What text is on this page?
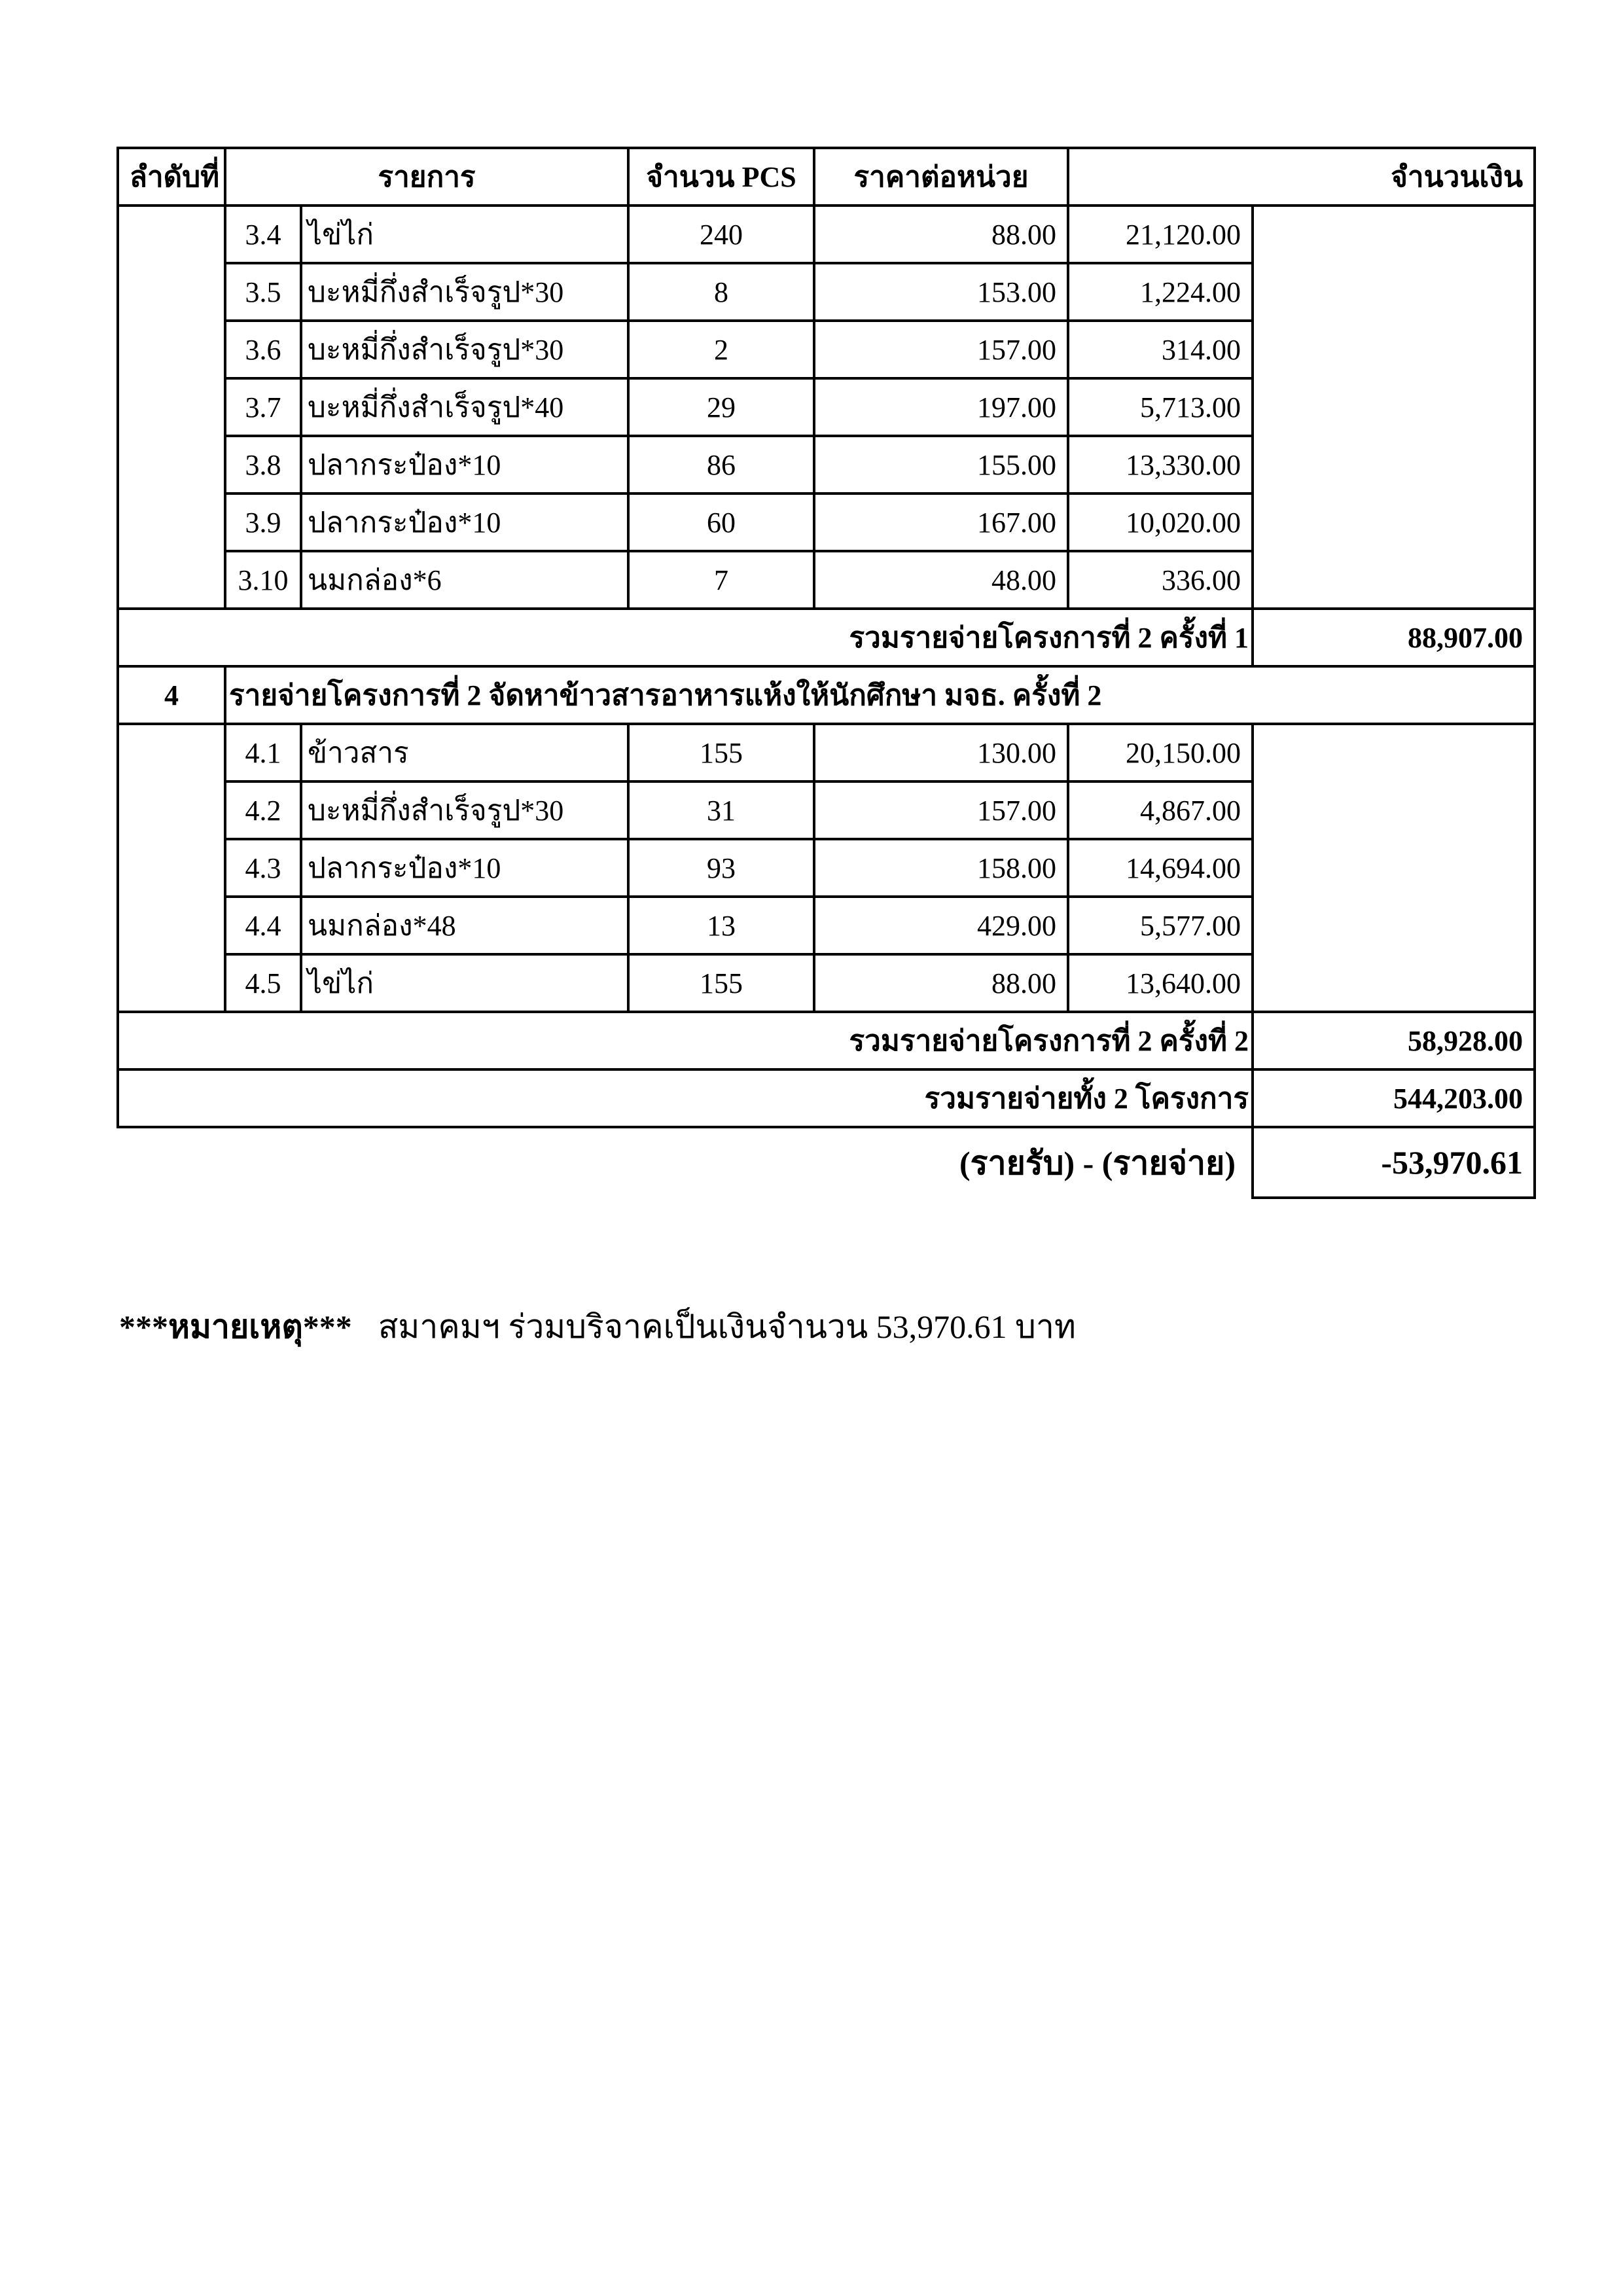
ลำดับที่	รายการ		จำนวน PCS	ราคาต่อหน่วย	จำนวนเงิน	
	3.4	ไข่ไก่	240	88.00	21,120.00	
	3.5	บะหมี่กึ่งสำเร็จรูป*30	8	153.00	1,224.00	
	3.6	บะหมี่กึ่งสำเร็จรูป*30	2	157.00	314.00	
	3.7	บะหมี่กึ่งสำเร็จรูป*40	29	197.00	5,713.00	
	3.8	ปลากระป๋อง*10	86	155.00	13,330.00	
	3.9	ปลากระป๋อง*10	60	167.00	10,020.00	
	3.10	นมกล่อง*6	7	48.00	336.00	
รวมรายจ่ายโครงการที่ 2 ครั้งที่ 1						88,907.00
4	รายจ่ายโครงการที่ 2 จัดหาข้าวสารอาหารแห้งให้นักศึกษา มจธ. ครั้งที่ 2					
	4.1	ข้าวสาร	155	130.00	20,150.00	
	4.2	บะหมี่กึ่งสำเร็จรูป*30	31	157.00	4,867.00	
	4.3	ปลากระป๋อง*10	93	158.00	14,694.00	
	4.4	นมกล่อง*48	13	429.00	5,577.00	
	4.5	ไข่ไก่	155	88.00	13,640.00	
รวมรายจ่ายโครงการที่ 2 ครั้งที่ 2						58,928.00
รวมรายจ่ายทั้ง 2 โครงการ						544,203.00
(รายรับ) - (รายจ่าย)						-53,970.61
***หมายเหตุ*** สมาคมฯ ร่วมบริจาคเป็นเงินจำนวน 53,970.61 บาท
